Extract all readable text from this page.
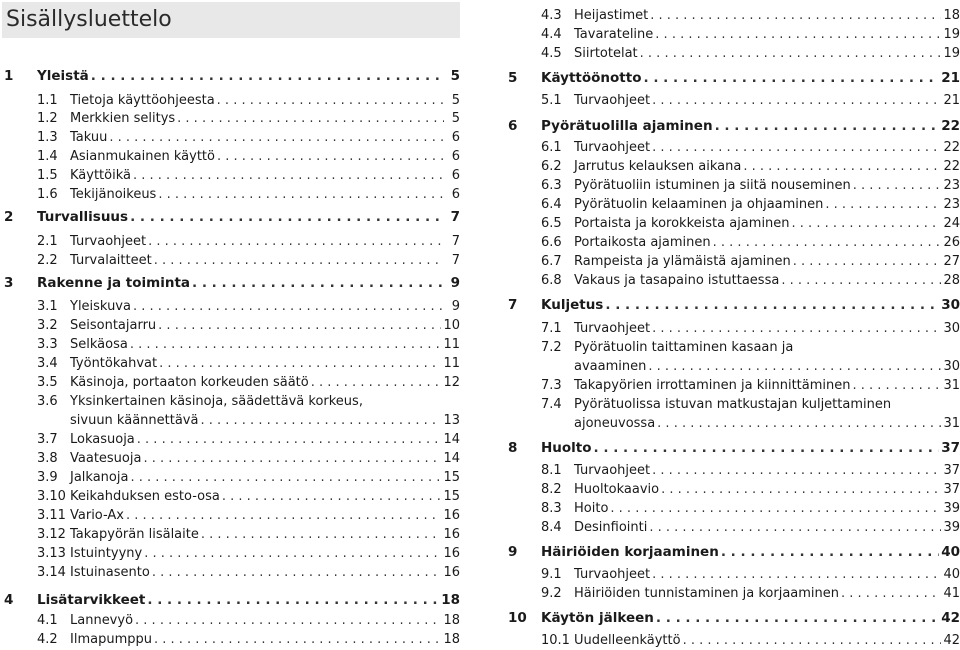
Sisällysluettelo
1	Yleistä . . .	5
1.1 Tietoja käyttöohjeesta . . .	5
1.2 Merkkien selitys . . .	5
1.3 Takuu . . .	6
1.4 Asianmukainen käyttö . . .	6
1.5 Käyttöikä . . .	6
1.6 Tekijänoikeus . . .	6
2	Turvallisuus . . .	7
2.1 Turvaohjeet . . .	7
2.2 Turvalaitteet . . .	7
3	Rakenne ja toiminta . . .	9
3.1 Yleiskuva . . .	9
3.2 Seisontajarru . . .	10
3.3 Selkäosa . . .	11
3.4 Työntökahvat . . .	11
3.5 Käsinoja, portaaton korkeuden säätö . . .	12
3.6 Yksinkertainen käsinoja, säädettävä korkeus,
sivuun käännettävä . . .	13
3.7 Lokasuoja . . .	14
3.8 Vaatesuoja . . .	14
3.9 Jalkanoja . . .	15
3.10 Keikahduksen esto-osa . . .	15
3.11 Vario-Ax . . .	16
3.12 Takapyörän lisälaite . . .	16
3.13 Istuintyyny . . .	16
3.14 Istuinasento . . .	16
4	Lisätarvikkeet . . .	18
4.1 Lannevyö . . .	18
4.2 Ilmapumppu . . .	18
4.3 Heijastimet . . .	18
4.4 Tavarateline . . .	19
4.5 Siirtotelat . . .	19
5	Käyttöönotto . . .	21
5.1 Turvaohjeet . . .	21
6	Pyörätuolilla ajaminen . . .	22
6.1 Turvaohjeet . . .	22
6.2 Jarrutus kelauksen aikana . . .	22
6.3 Pyörätuoliin istuminen ja siitä nouseminen . . .	23
6.4 Pyörätuolin kelaaminen ja ohjaaminen . . .	23
6.5 Portaista ja korokkeista ajaminen . . .	24
6.6 Portaikosta ajaminen . . .	26
6.7 Rampeista ja ylämäistä ajaminen . . .	27
6.8 Vakaus ja tasapaino istuttaessa . . .	28
7	Kuljetus . . .	30
7.1 Turvaohjeet . . .	30
7.2 Pyörätuolin taittaminen kasaan ja
avaaminen . . .	30
7.3 Takapyörien irrottaminen ja kiinnittäminen . . .	31
7.4 Pyörätuolissa istuvan matkustajan kuljettaminen
ajoneuvossa . . .	31
8	Huolto . . .	37
8.1 Turvaohjeet . . .	37
8.2 Huoltokaavio . . .	37
8.3 Hoito . . .	39
8.4 Desinfiointi . . .	39
9	Häiriöiden korjaaminen . . .	40
9.1 Turvaohjeet . . .	40
9.2 Häiriöiden tunnistaminen ja korjaaminen . . .	41
10	Käytön jälkeen . . .	42
10.1 Uudelleenkäyttö . . .	42
